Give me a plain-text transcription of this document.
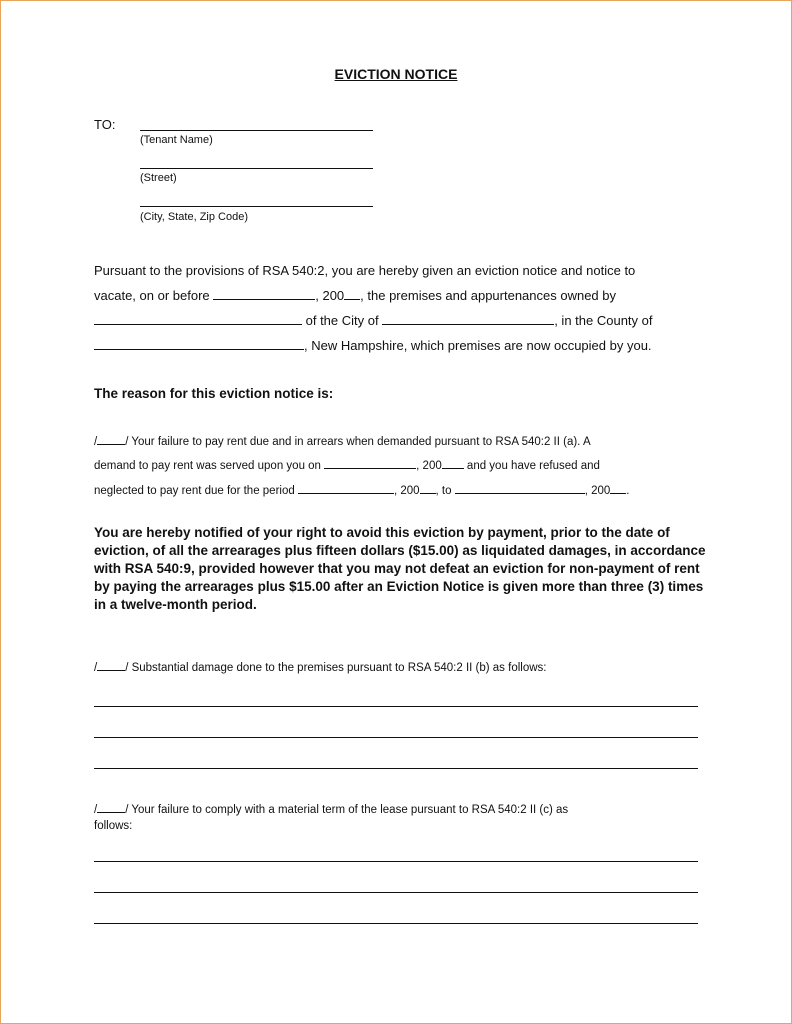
EVICTION NOTICE
TO:
(Tenant Name)
(Street)
(City, State, Zip Code)
Pursuant to the provisions of RSA 540:2, you are hereby given an eviction notice and notice to
vacate, on or before	, 200 , the premises and appurtenances owned by
of the City of	, in the County of
, New Hampshire, which premises are now occupied by you.
The reason for this eviction notice is:
/ / Your failure to pay rent due and in arrears when demanded pursuant to RSA 540:2 II (a). A
demand to pay rent was served upon you on	, 200 and you have refused and
neglected to pay rent due for the period	, 200 , to	, 200 .
You are hereby notified of your right to avoid this eviction by payment, prior to the date of eviction, of all the arrearages plus fifteen dollars ($15.00) as liquidated damages, in accordance with RSA 540:9, provided however that you may not defeat an eviction for non-payment of rent by paying the arrearages plus $15.00 after an Eviction Notice is given more than three (3) times in a twelve-month period.
/ / Substantial damage done to the premises pursuant to RSA 540:2 II (b) as follows:
/ / Your failure to comply with a material term of the lease pursuant to RSA 540:2 II (c) as
follows:
